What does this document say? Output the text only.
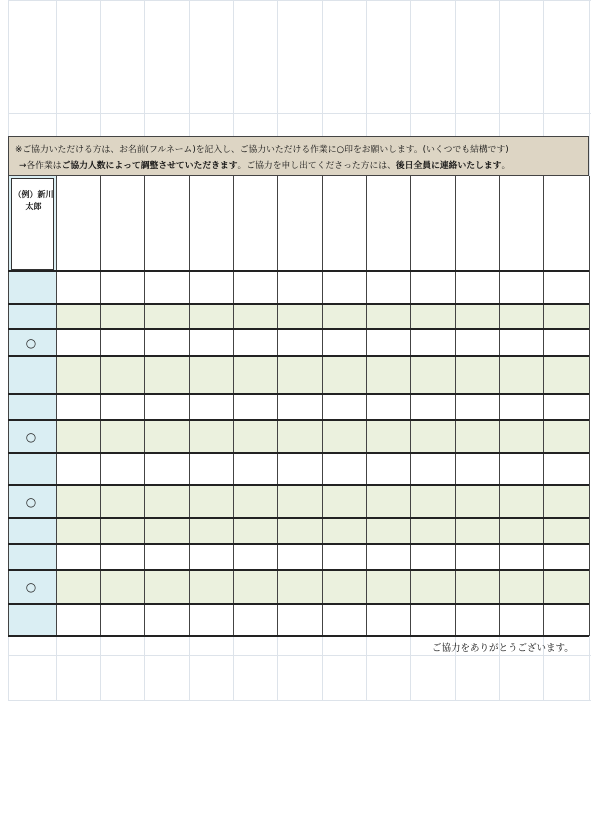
※ご協力いただける方は、お名前(フルネーム)を記入し、ご協力いただける作業に○印をお願いします。(いくつでも結構です)
→各作業はご協力人数によって調整させていただきます。ご協力を申し出てくださった方には、後日全員に連絡いたします。
○
○
○
○
（例）新川太郎
ご協力をありがとうございます。
